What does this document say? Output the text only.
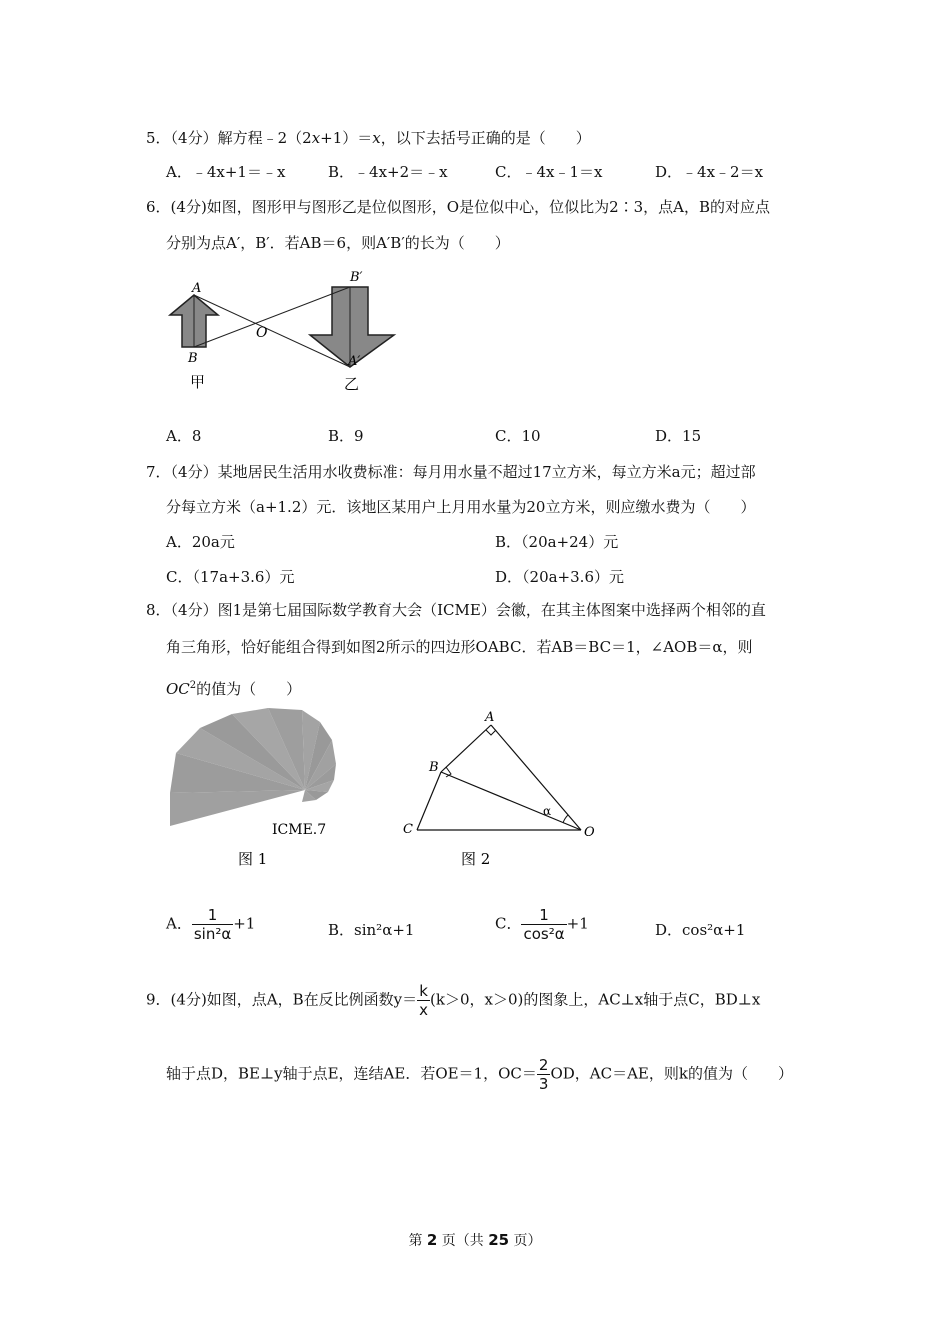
5．（4分）解方程﹣2（2x+1）＝x，以下去括号正确的是（　　）
A．﹣4x+1＝﹣x	B．﹣4x+2＝﹣x	C．﹣4x﹣1＝x	D．﹣4x﹣2＝x
6．(4分)如图，图形甲与图形乙是位似图形，O是位似中心，位似比为2∶3，点A，B的对应点
分别为点A′，B′．若AB＝6，则A′B′的长为（　　）
A
B
O
B′
A′
甲	乙
A．8	B．9	C．10	D．15
7．（4分）某地居民生活用水收费标准：每月用水量不超过17立方米，每立方米a元；超过部
分每立方米（a+1.2）元．该地区某用户上月用水量为20立方米，则应缴水费为（　　）
A．20a元	B．（20a+24）元
C．（17a+3.6）元	D．（20a+3.6）元
8．（4分）图1是第七届国际数学教育大会（ICME）会徽，在其主体图案中选择两个相邻的直
角三角形，恰好能组合得到如图2所示的四边形OABC．若AB＝BC＝1，∠AOB＝α，则
$OC^2$的值为（　　）
ICME.7
图 1
A
B
C	O
α
图 2
A． $\frac{1}{\text{sin²α}} +1$	B．sin²α+1	C． $\frac{1}{\text{cos²α}} +1$	D．cos²α+1
9．(4分)如图，点A，B在反比例函数$y= \frac{k}{x} (k>0$，x＞0)的图象上，AC⊥x轴于点C，BD⊥x
轴于点D，BE⊥y轴于点E，连结AE．若OE＝1，$OC= \frac{2}{3}$ OD，AC＝AE，则k的值为（　　）
第 2 页（共 25 页）
